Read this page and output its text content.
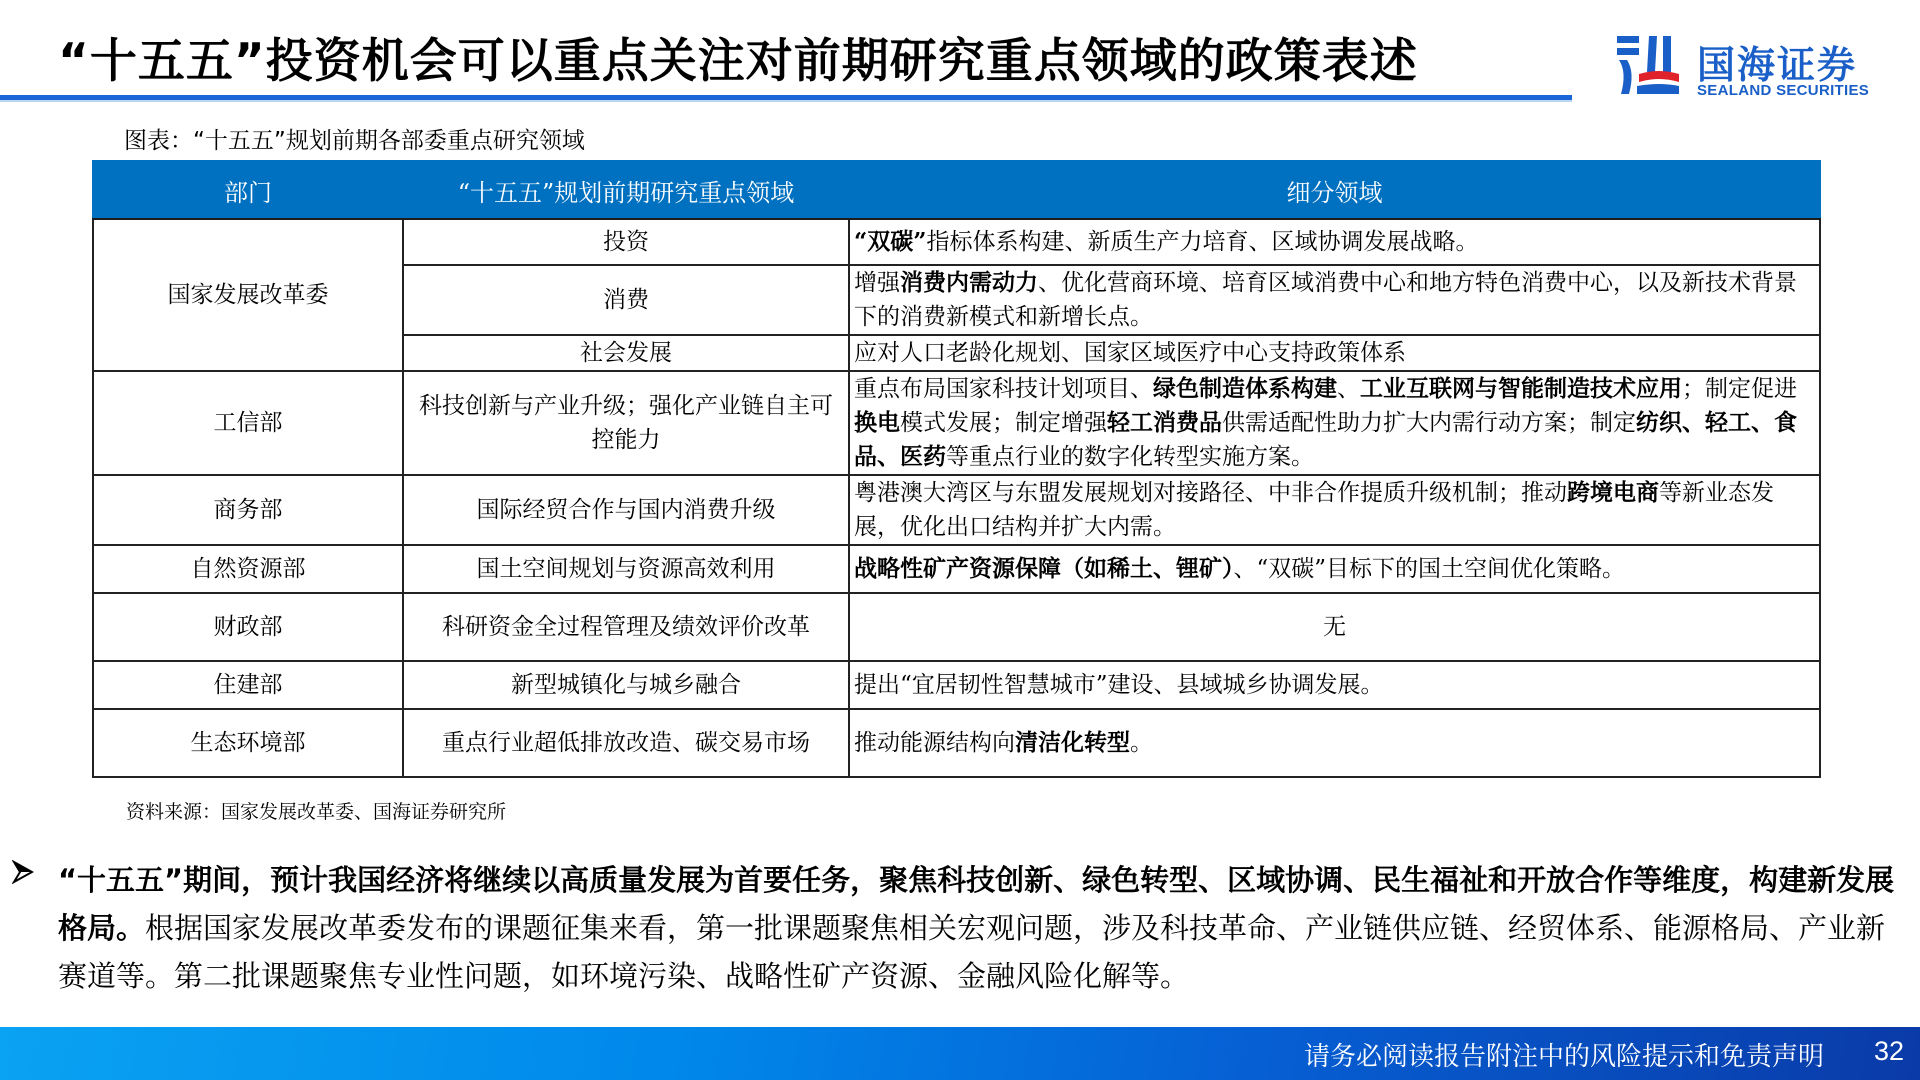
“十五五”投资机会可以重点关注对前期研究重点领域的政策表述	国海证券
SEALAND SECURITIES
图表：“十五五”规划前期各部委重点研究领域
部门	“十五五”规划前期研究重点领域	细分领域
国家发展改革委	投资	“双碳”指标体系构建、新质生产力培育、区域协调发展战略。
	消费	增强消费内需动力、优化营商环境、培育区域消费中心和地方特色消费中心，以及新技术背景下的消费新模式和新增长点。
	社会发展	应对人口老龄化规划、国家区域医疗中心支持政策体系
工信部	科技创新与产业升级；强化产业链自主可控能力	重点布局国家科技计划项目、绿色制造体系构建、工业互联网与智能制造技术应用；制定促进换电模式发展；制定增强轻工消费品供需适配性助力扩大内需行动方案；制定纺织、轻工、食品、医药等重点行业的数字化转型实施方案。
商务部	国际经贸合作与国内消费升级	粤港澳大湾区与东盟发展规划对接路径、中非合作提质升级机制；推动跨境电商等新业态发展，优化出口结构并扩大内需。
自然资源部	国土空间规划与资源高效利用	战略性矿产资源保障（如稀土、锂矿）、“双碳”目标下的国土空间优化策略。
财政部	科研资金全过程管理及绩效评价改革	无
住建部	新型城镇化与城乡融合	提出“宜居韧性智慧城市”建设、县域城乡协调发展。
生态环境部	重点行业超低排放改造、碳交易市场	推动能源结构向清洁化转型。
资料来源：国家发展改革委、国海证券研究所
“十五五”期间，预计我国经济将继续以高质量发展为首要任务，聚焦科技创新、绿色转型、区域协调、民生福祉和开放合作等维度，构建新发展格局。根据国家发展改革委发布的课题征集来看，第一批课题聚焦相关宏观问题，涉及科技革命、产业链供应链、经贸体系、能源格局、产业新赛道等。第二批课题聚焦专业性问题，如环境污染、战略性矿产资源、金融风险化解等。
请务必阅读报告附注中的风险提示和免责声明 32
